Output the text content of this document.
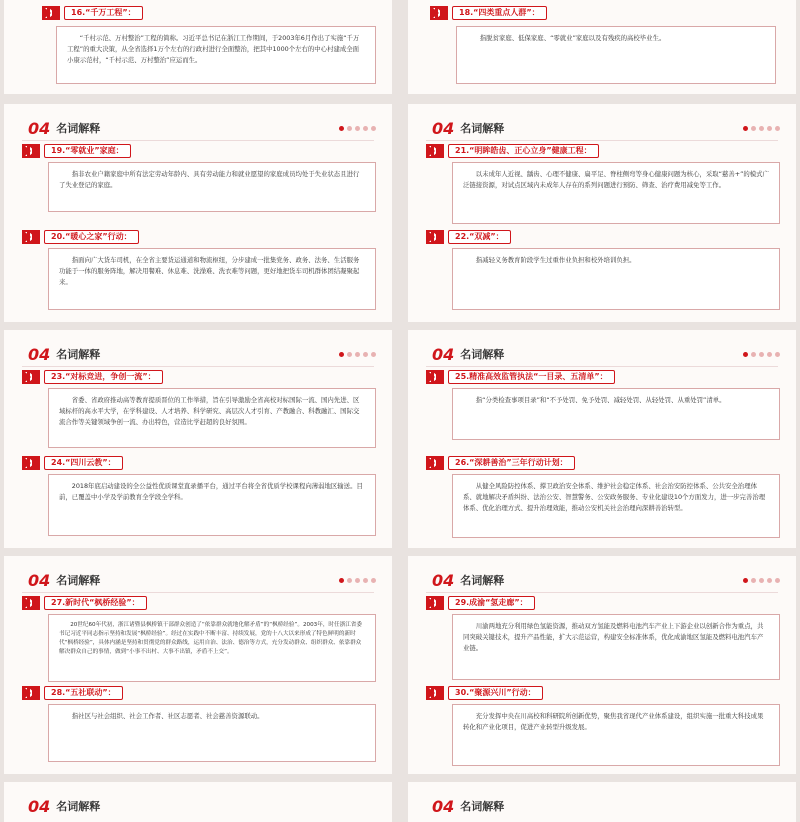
16.“千万工程”：

“千村示范、万村整治”工程的简称。习近平总书记在浙江工作期间，于2003年6月作出了实施“千万工程”的重大决策，从全省选择1万个左右的行政村进行全面整治，把其中1000个左右的中心村建成全面小康示范村，“千村示范、万村整治”应运而生。

18.“四类重点人群”：

指脱贫家庭、低保家庭、“零就业”家庭以及有残疾的高校毕业生。

04 名词解释
19.“零就业”家庭：

指非农业户籍家庭中所有法定劳动年龄内、具有劳动能力和就业愿望的家庭成员均处于失业状态且进行了失业登记的家庭。

20.“暖心之家”行动：

指面向广大货车司机，在全省主要货运通道和物流枢纽，分步建成一批集党务、政务、法务、生活服务功能于一体的服务阵地，解决用餐难、休息难、洗澡难、洗衣难等问题，更好地把货车司机群体团结凝聚起来。

04 名词解释
21.“明眸皓齿、正心立身”健康工程：

以未成年人近视、龋齿、心理不健康、扁平足、脊柱侧弯等身心健康问题为核心，采取“慈善+”的模式广泛链接资源，对试点区域内未成年人存在的系列问题进行预防、筛查、治疗费用减免等工作。

22.“双减”：

指减轻义务教育阶段学生过重作业负担和校外培训负担。

04 名词解释
23.“对标竞进，争创一流”：

省委、省政府推动高等教育提质晋位的工作举措，旨在引导激励全省高校对标国际一流、国内先进、区域标杆的高水平大学，在学科建设、人才培养、科学研究、高层次人才引育、产教融合、科教融汇、国际交流合作等关键领域争创一流、办出特色，营造比学赶超的良好氛围。

24.“四川云教”：

2018年底启动建设的全公益性优质课堂直录播平台，通过平台将全省优质学校课程向薄弱地区输送。目前，已覆盖中小学及学前教育全学段全学科。

04 名词解释
25.精准高效监管执法“一目录、五清单”：

指“分类检查事项目录”和“不予处罚、免予处罚、减轻处罚、从轻处罚、从重处罚”清单。

26.“深耕善治”三年行动计划：

从健全风险防控体系、撑卫政治安全体系、维护社会稳定体系、社会治安防控体系、公共安全治理体系、就地解决矛盾纠纷、法治公安、智慧警务、公安政务服务、专业化建设10个方面发力，进一步完善治理体系、优化治理方式、提升治理效能，推动公安机关社会治理向深耕善治转型。

04 名词解释
27.新时代“枫桥经验”：

20世纪60年代初，浙江诸暨县枫桥镇干部群众创造了“依靠群众就地化解矛盾”的“枫桥经验”。2003年，时任浙江省委书记习近平同志指示坚持和发展“枫桥经验”。经过在实践中不断丰富、持续发展，党的十八大以来形成了特色鲜明的新时代“枫桥经验”，具体内涵是坚持和贯彻党的群众路线，运用自治、法治、德治等方式，充分发动群众、组织群众、依靠群众解决群众自己的事情，做到“小事不出村、大事不出镇，矛盾不上交”。

28.“五社联动”：

指社区与社会组织、社会工作者、社区志愿者、社会慈善资源联动。

04 名词解释
29.成渝“氢走廊”：

川渝两地充分利用绿色氢能资源，推动双方氢能及燃料电池汽车产业上下游企业以创新合作为重点，共同突破关键技术，提升产品性能，扩大示范运营，构建安全标准体系，优化成渝地区氢能及燃料电池汽车产业链。

30.“聚源兴川”行动：

充分发挥中央在川高校和科研院所创新优势，聚焦我省现代产业体系建设，组织实施一批重大科技成果转化和产业化项目，促进产业转型升级发展。

04 名词解释	04 名词解释
